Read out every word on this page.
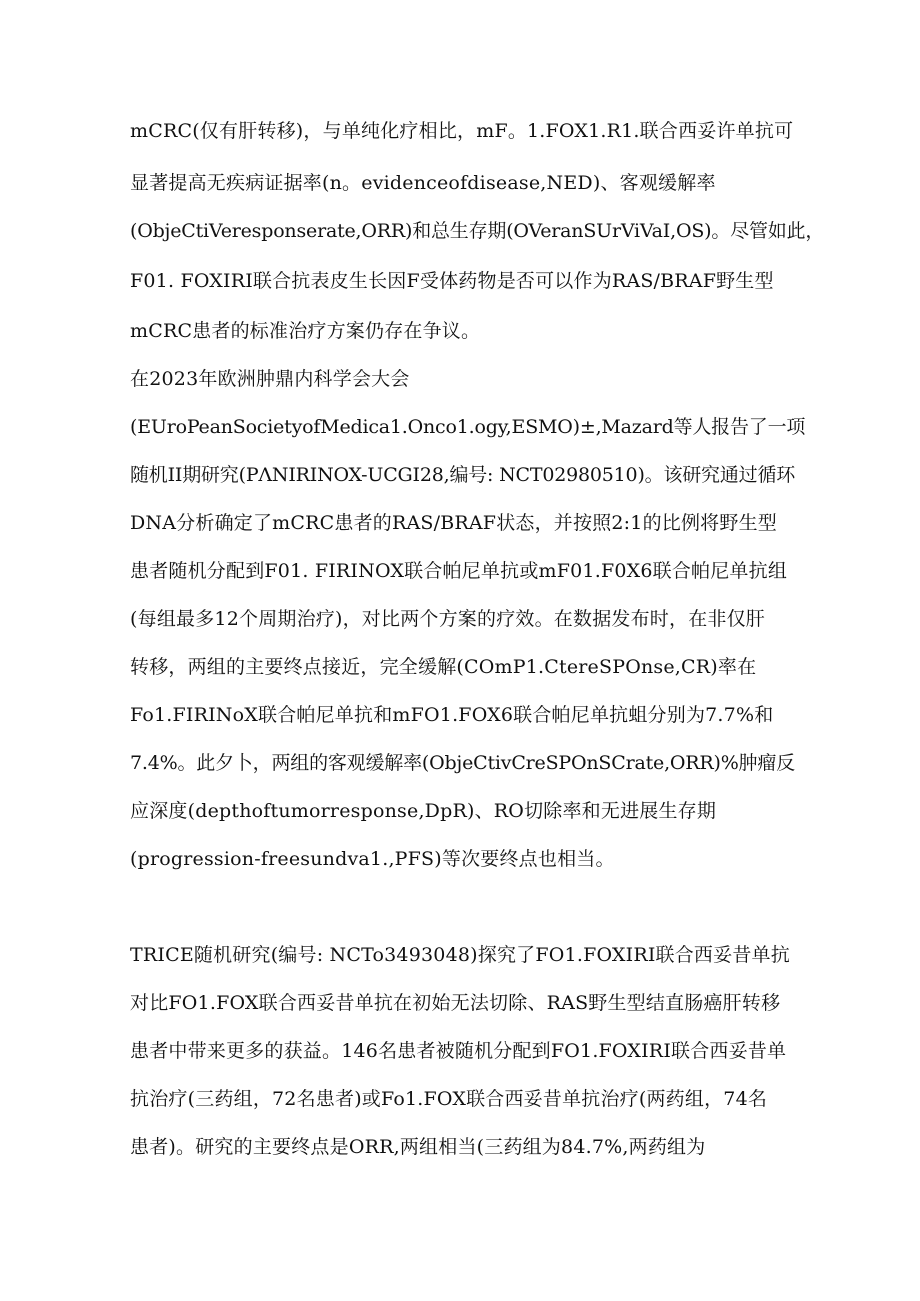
mCRC(仅有肝转移)，与单纯化疗相比，mF。1.FOX1.R1.联合西妥许单抗可
显著提高无疾病证据率(n。evidenceofdisease,NED)、客观缓解率
(ObjeCtiVeresponserate,ORR)和总生存期(OVeranSUrViVaI,OS)。尽管如此，
F01. FOXIRI联合抗表皮生长因F受体药物是否可以作为RAS/BRAF野生型
mCRC患者的标准治疗方案仍存在争议。
在2023年欧洲肿鼎内科学会大会
(EUroPeanSocietyofMedica1.Onco1.ogy,ESMO)±,Mazard等人报告了一项
随机II期研究(PΛNIRINOX-UCGI28,编号: NCT02980510)。该研究通过循环
DNA分析确定了mCRC患者的RAS/BRAF状态，并按照2:1的比例将野生型
患者随机分配到F01. FIRINOX联合帕尼单抗或mF01.F0X6联合帕尼单抗组
(每组最多12个周期治疗)，对比两个方案的疗效。在数据发布时，在非仅肝
转移，两组的主要终点接近，完全缓解(COmP1.CtereSPOnse,CR)率在
Fo1.FIRINoX联合帕尼单抗和mFO1.FOX6联合帕尼单抗蛆分别为7.7%和
7.4%。此夕卜，两组的客观缓解率(ObjeCtivCreSPOnSCrate,ORR)%肿瘤反
应深度(depthoftumorresponse,DpR)、RO切除率和无进展生存期
(progression-freesundva1.,PFS)等次要终点也相当。
TRICE随机研究(编号: NCTo3493048)探究了FO1.FOXIRI联合西妥昔单抗
对比FO1.FOX联合西妥昔单抗在初始无法切除、RAS野生型结直肠癌肝转移
患者中带来更多的获益。146名患者被随机分配到FO1.FOXIRI联合西妥昔单
抗治疗(三药组，72名患者)或Fo1.FOX联合西妥昔单抗治疗(两药组，74名
患者)。研究的主要终点是ORR,两组相当(三药组为84.7%,两药组为
